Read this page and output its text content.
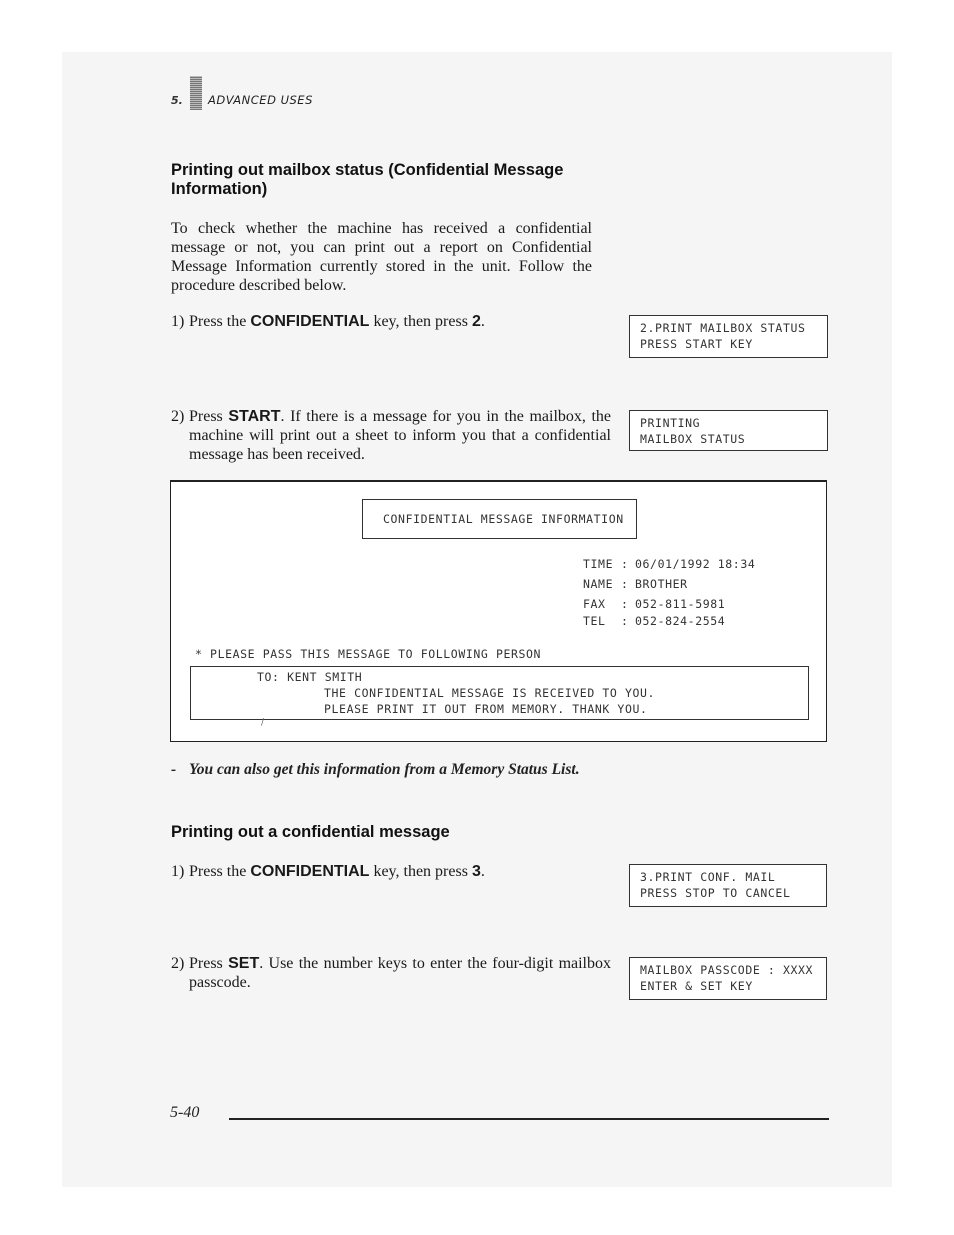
5. ADVANCED USES
Printing out mailbox status (Confidential Message Information)
To check whether the machine has received a confidential message or not, you can print out a report on Confidential Message Information currently stored in the unit. Follow the procedure described below.
1) Press the CONFIDENTIAL key, then press 2.	2.PRINT MAILBOX STATUS
PRESS START KEY
2) Press START. If there is a message for you in the mailbox, the machine will print out a sheet to inform you that a confidential message has been received.
PRINTING
MAILBOX STATUS
CONFIDENTIAL MESSAGE INFORMATION
TIME : 06/01/1992 18:34
NAME : BROTHER
FAX : 052-811-5981
TEL : 052-824-2554
* PLEASE PASS THIS MESSAGE TO FOLLOWING PERSON
TO: KENT SMITH
THE CONFIDENTIAL MESSAGE IS RECEIVED TO YOU.
PLEASE PRINT IT OUT FROM MEMORY. THANK YOU.
/
- You can also get this information from a Memory Status List.
Printing out a confidential message
1) Press the CONFIDENTIAL key, then press 3.	3.PRINT CONF. MAIL
PRESS STOP TO CANCEL
2) Press SET. Use the number keys to enter the four-digit mailbox passcode.
MAILBOX PASSCODE : XXXX
ENTER & SET KEY
5-40
